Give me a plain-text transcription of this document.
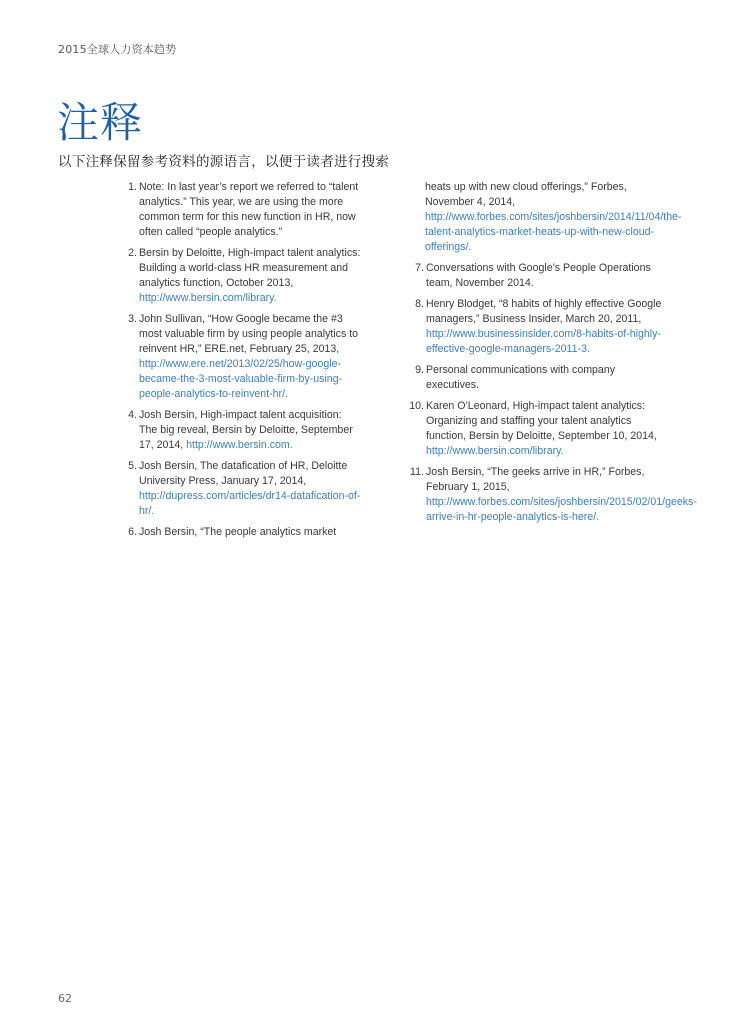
2015全球人力资本趋势
注释
以下注释保留参考资料的源语言，以便于读者进行搜索
1. Note: In last year’s report we referred to “talent analytics.” This year, we are using the more common term for this new function in HR, now often called “people analytics.”
2. Bersin by Deloitte, High-impact talent analytics: Building a world-class HR measurement and analytics function, October 2013, http://www.bersin.com/library.
3. John Sullivan, “How Google became the #3 most valuable firm by using people analytics to reinvent HR,” ERE.net, February 25, 2013, http://www.ere.net/2013/02/25/how-google-became-the-3-most-valuable-firm-by-using-people-analytics-to-reinvent-hr/.
4. Josh Bersin, High-impact talent acquisition: The big reveal, Bersin by Deloitte, September 17, 2014, http://www.bersin.com.
5. Josh Bersin, The datafication of HR, Deloitte University Press, January 17, 2014, http://dupress.com/articles/dr14-datafication-of-hr/.
6. Josh Bersin, “The people analytics market
heats up with new cloud offerings,” Forbes, November 4, 2014, http://www.forbes.com/sites/joshbersin/2014/11/04/the-talent-analytics-market-heats-up-with-new-cloud-offerings/.
7. Conversations with Google’s People Operations team, November 2014.
8. Henry Blodget, “8 habits of highly effective Google managers,” Business Insider, March 20, 2011, http://www.businessinsider.com/8-habits-of-highly-effective-google-managers-2011-3.
9. Personal communications with company executives.
10. Karen O’Leonard, High-impact talent analytics: Organizing and staffing your talent analytics function, Bersin by Deloitte, September 10, 2014, http://www.bersin.com/library.
11. Josh Bersin, “The geeks arrive in HR,” Forbes, February 1, 2015, http://www.forbes.com/sites/joshbersin/2015/02/01/geeks-arrive-in-hr-people-analytics-is-here/.
62
